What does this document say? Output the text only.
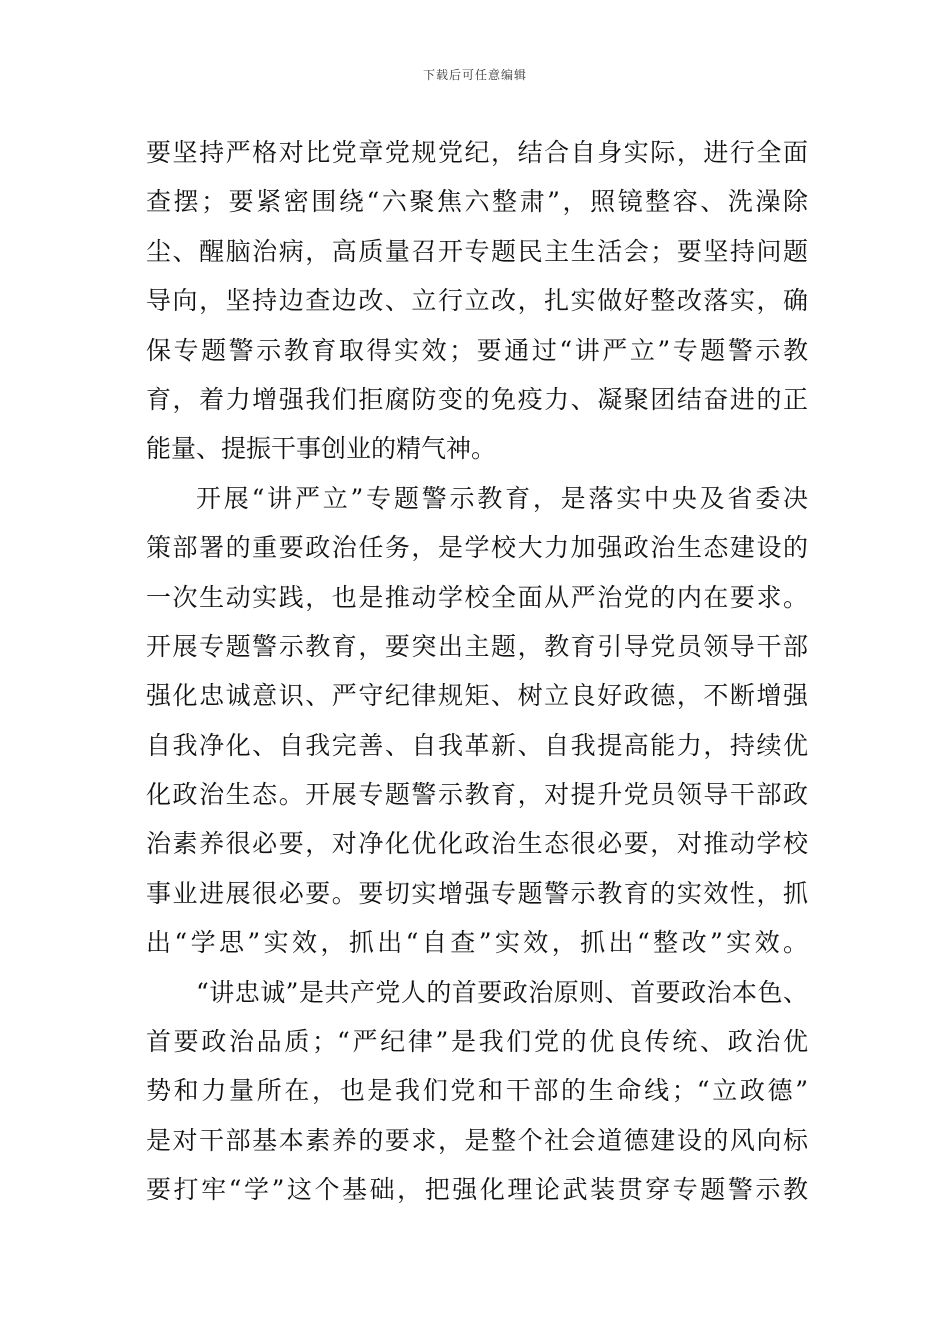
下载后可任意编辑
要坚持严格对比党章党规党纪，结合自身实际，进行全面
查摆；要紧密围绕“六聚焦六整肃”，照镜整容、洗澡除
尘、醒脑治病，高质量召开专题民主生活会；要坚持问题
导向，坚持边查边改、立行立改，扎实做好整改落实，确
保专题警示教育取得实效；要通过“讲严立”专题警示教
育，着力增强我们拒腐防变的免疫力、凝聚团结奋进的正
能量、提振干事创业的精气神。
开展“讲严立”专题警示教育，是落实中央及省委决
策部署的重要政治任务，是学校大力加强政治生态建设的
一次生动实践，也是推动学校全面从严治党的内在要求。
开展专题警示教育，要突出主题，教育引导党员领导干部
强化忠诚意识、严守纪律规矩、树立良好政德，不断增强
自我净化、自我完善、自我革新、自我提高能力，持续优
化政治生态。开展专题警示教育，对提升党员领导干部政
治素养很必要，对净化优化政治生态很必要，对推动学校
事业进展很必要。要切实增强专题警示教育的实效性，抓
出“学思”实效，抓出“自查”实效，抓出“整改”实效。
“讲忠诚”是共产党人的首要政治原则、首要政治本色、
首要政治品质；“严纪律”是我们党的优良传统、政治优
势和力量所在，也是我们党和干部的生命线；“立政德”
是对干部基本素养的要求，是整个社会道德建设的风向标
要打牢“学”这个基础，把强化理论武装贯穿专题警示教
